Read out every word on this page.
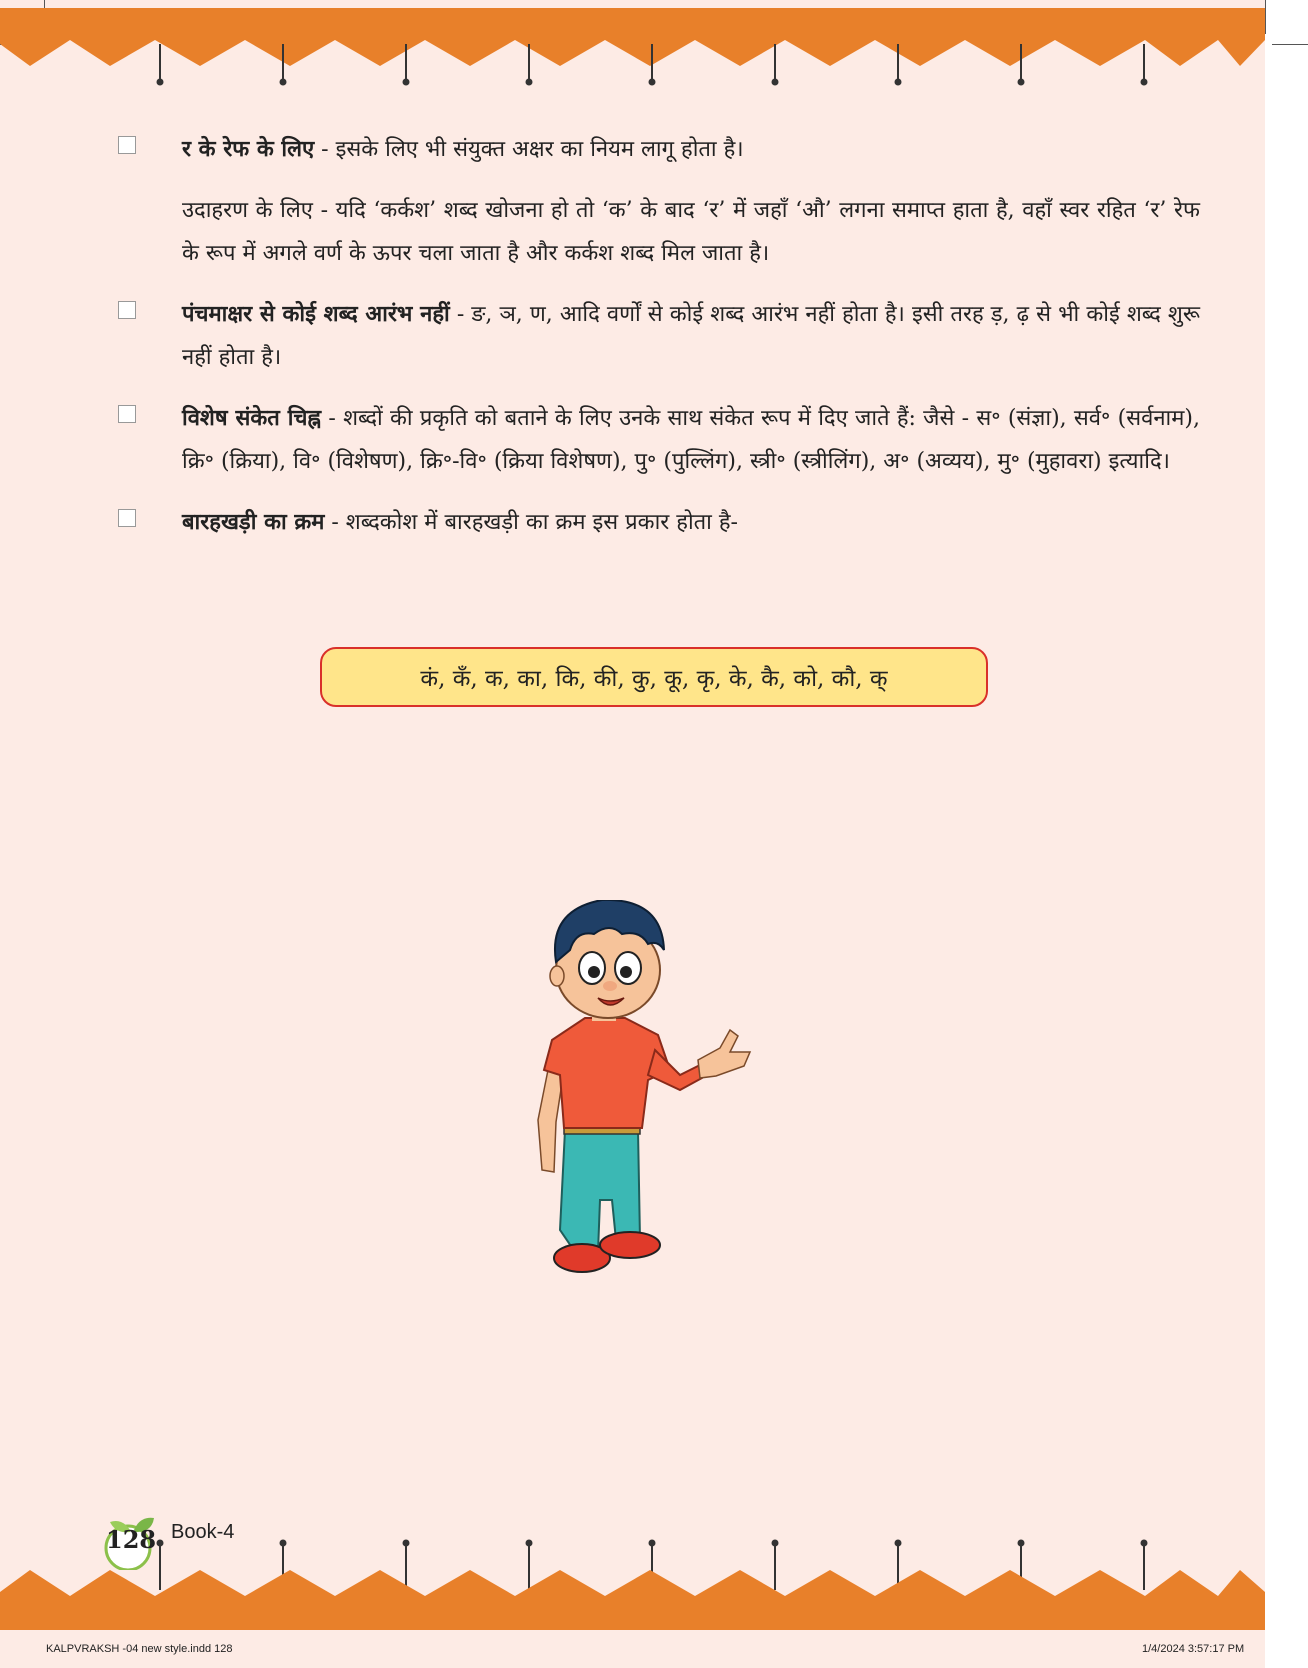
र के रेफ के लिए - इसके लिए भी संयुक्त अक्षर का नियम लागू होता है।

उदाहरण के लिए - यदि ‘कर्कश’ शब्द खोजना हो तो ‘क’ के बाद ‘र’ में जहाँ ‘औ’ लगना समाप्त हाता है, वहाँ स्वर रहित ‘र’ रेफ के रूप में अगले वर्ण के ऊपर चला जाता है और कर्कश शब्द मिल जाता है।

पंचमाक्षर से कोई शब्द आरंभ नहीं - ङ, ञ, ण, आदि वर्णों से कोई शब्द आरंभ नहीं होता है। इसी तरह ड़, ढ़ से भी कोई शब्द शुरू नहीं होता है।

विशेष संकेत चिह्न - शब्दों की प्रकृति को बताने के लिए उनके साथ संकेत रूप में दिए जाते हैं: जैसे - स॰ (संज्ञा), सर्व॰ (सर्वनाम), क्रि॰ (क्रिया), वि॰ (विशेषण), क्रि॰-वि॰ (क्रिया विशेषण), पु॰ (पुल्लिंग), स्त्री॰ (स्त्रीलिंग), अ॰ (अव्यय), मु॰ (मुहावरा) इत्यादि।

बारहखड़ी का क्रम - शब्दकोश में बारहखड़ी का क्रम इस प्रकार होता है-

कं, कँ, क, का, कि, की, कु, कू, कृ, के, कै, को, कौ, क्
128 Book-4
KALPVRAKSH -04 new style.indd 128	1/4/2024 3:57:17 PM
